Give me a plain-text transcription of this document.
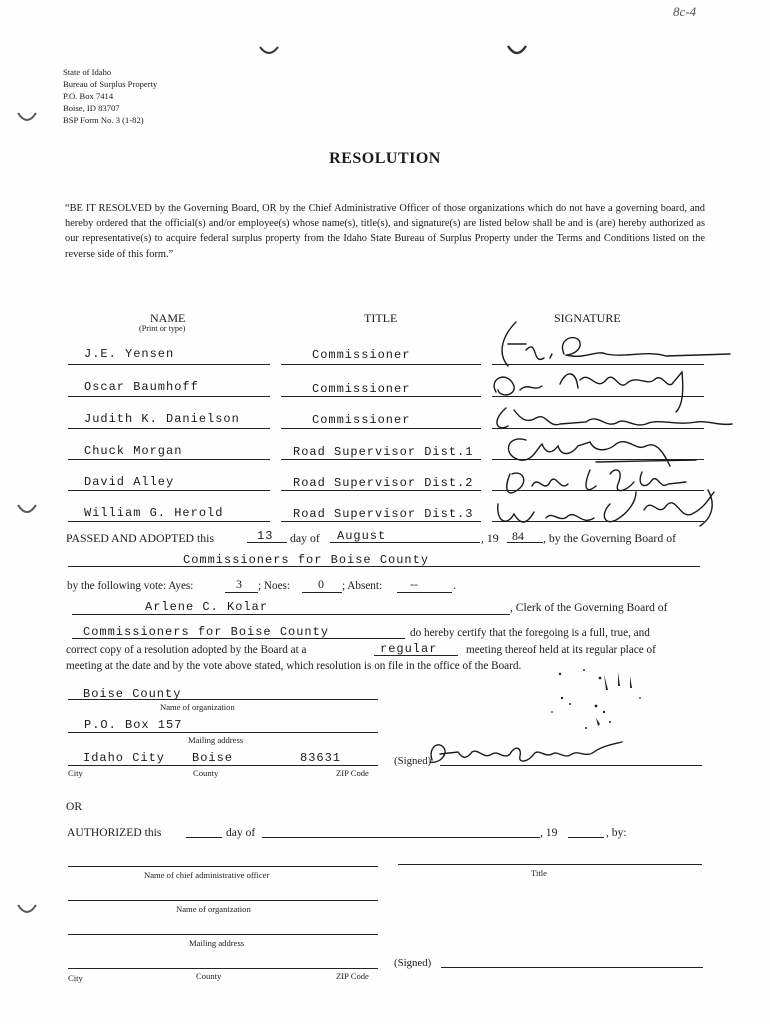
8c-4
State of Idaho
Bureau of Surplus Property
P.O. Box 7414
Boise, ID 83707
BSP Form No. 3 (1-82)
RESOLUTION
“BE IT RESOLVED by the Governing Board, OR by the Chief Administrative Officer of those organizations which do not have a governing board, and hereby ordered that the official(s) and/or employee(s) whose name(s), title(s), and signature(s) are listed below shall be and is (are) hereby authorized as our representative(s) to acquire federal surplus property from the Idaho State Bureau of Surplus Property under the Terms and Conditions listed on the reverse side of this form.”
NAME
(Print or type)
TITLE	SIGNATURE
J.E. Yensen	Commissioner
Oscar Baumhoff	Commissioner
Judith K. Danielson	Commissioner
Chuck Morgan	Road Supervisor Dist.1
David Alley	Road Supervisor Dist.2
William G. Herold	Road Supervisor Dist.3
PASSED AND ADOPTED this	13 day of August	, 19 84 , by the Governing Board of
Commissioners for Boise County
by the following vote: Ayes:	3 ; Noes: 0 ; Absent: --	.
Arlene C. Kolar	, Clerk of the Governing Board of
Commissioners for Boise County	do hereby certify that the foregoing is a full, true, and
correct copy of a resolution adopted by the Board at a	regular	meeting thereof held at its regular place of
meeting at the date and by the vote above stated, which resolution is on file in the office of the Board.
Boise County
Name of organization
P.O. Box 157
Mailing address
Idaho City Boise	83631
City	County	ZIP Code
(Signed)
OR
AUTHORIZED this	day of	, 19	, by:
Name of chief administrative officer	Title
Name of organization
Mailing address
City	County	ZIP Code
(Signed)
